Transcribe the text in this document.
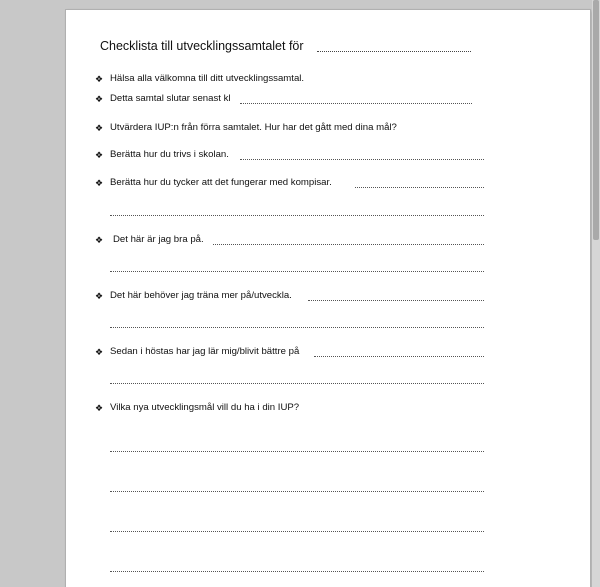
Checklista till utvecklingssamtalet för
❖ Hälsa alla välkomna till ditt utvecklingssamtal.
❖ Detta samtal slutar senast kl
❖ Utvärdera IUP:n från förra samtalet. Hur har det gått med dina mål?
❖ Berätta hur du trivs i skolan.
❖ Berätta hur du tycker att det fungerar med kompisar.
❖ Det här är jag bra på.
❖ Det här behöver jag träna mer på/utveckla.
❖ Sedan i höstas har jag lär mig/blivit bättre på
❖ Vilka nya utvecklingsmål vill du ha i din IUP?
